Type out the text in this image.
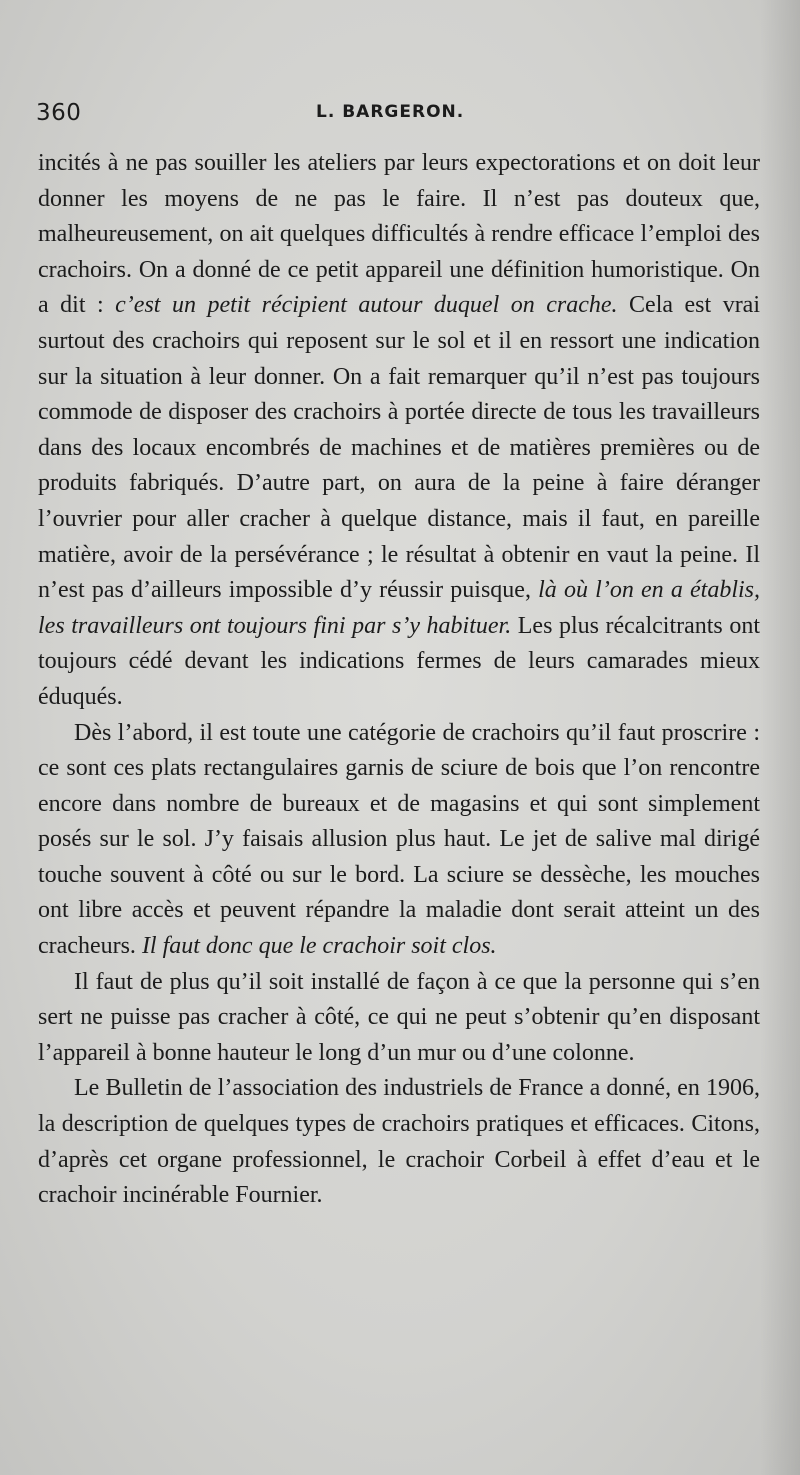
360	L. BARGERON.

incités à ne pas souiller les ateliers par leurs expectorations et on doit leur donner les moyens de ne pas le faire. Il n’est pas douteux que, malheureusement, on ait quelques difficultés à rendre efficace l’emploi des crachoirs. On a donné de ce petit appareil une définition humoristique. On a dit : c’est un petit récipient autour duquel on crache. Cela est vrai surtout des crachoirs qui reposent sur le sol et il en ressort une indication sur la situation à leur donner. On a fait remarquer qu’il n’est pas toujours commode de disposer des crachoirs à portée directe de tous les travailleurs dans des locaux encombrés de machines et de matières premières ou de produits fabriqués. D’autre part, on aura de la peine à faire déranger l’ouvrier pour aller cracher à quelque distance, mais il faut, en pareille matière, avoir de la persévérance ; le résultat à obtenir en vaut la peine. Il n’est pas d’ailleurs impossible d’y réussir puisque, là où l’on en a établis, les travailleurs ont toujours fini par s’y habituer. Les plus récalcitrants ont toujours cédé devant les indications fermes de leurs camarades mieux éduqués.

Dès l’abord, il est toute une catégorie de crachoirs qu’il faut proscrire : ce sont ces plats rectangulaires garnis de sciure de bois que l’on rencontre encore dans nombre de bureaux et de magasins et qui sont simplement posés sur le sol. J’y faisais allusion plus haut. Le jet de salive mal dirigé touche souvent à côté ou sur le bord. La sciure se dessèche, les mouches ont libre accès et peuvent répandre la maladie dont serait atteint un des cracheurs. Il faut donc que le crachoir soit clos.

Il faut de plus qu’il soit installé de façon à ce que la personne qui s’en sert ne puisse pas cracher à côté, ce qui ne peut s’obtenir qu’en disposant l’appareil à bonne hauteur le long d’un mur ou d’une colonne.

Le Bulletin de l’association des industriels de France a donné, en 1906, la description de quelques types de crachoirs pratiques et efficaces. Citons, d’après cet organe professionnel, le crachoir Corbeil à effet d’eau et le crachoir incinérable Fournier.
